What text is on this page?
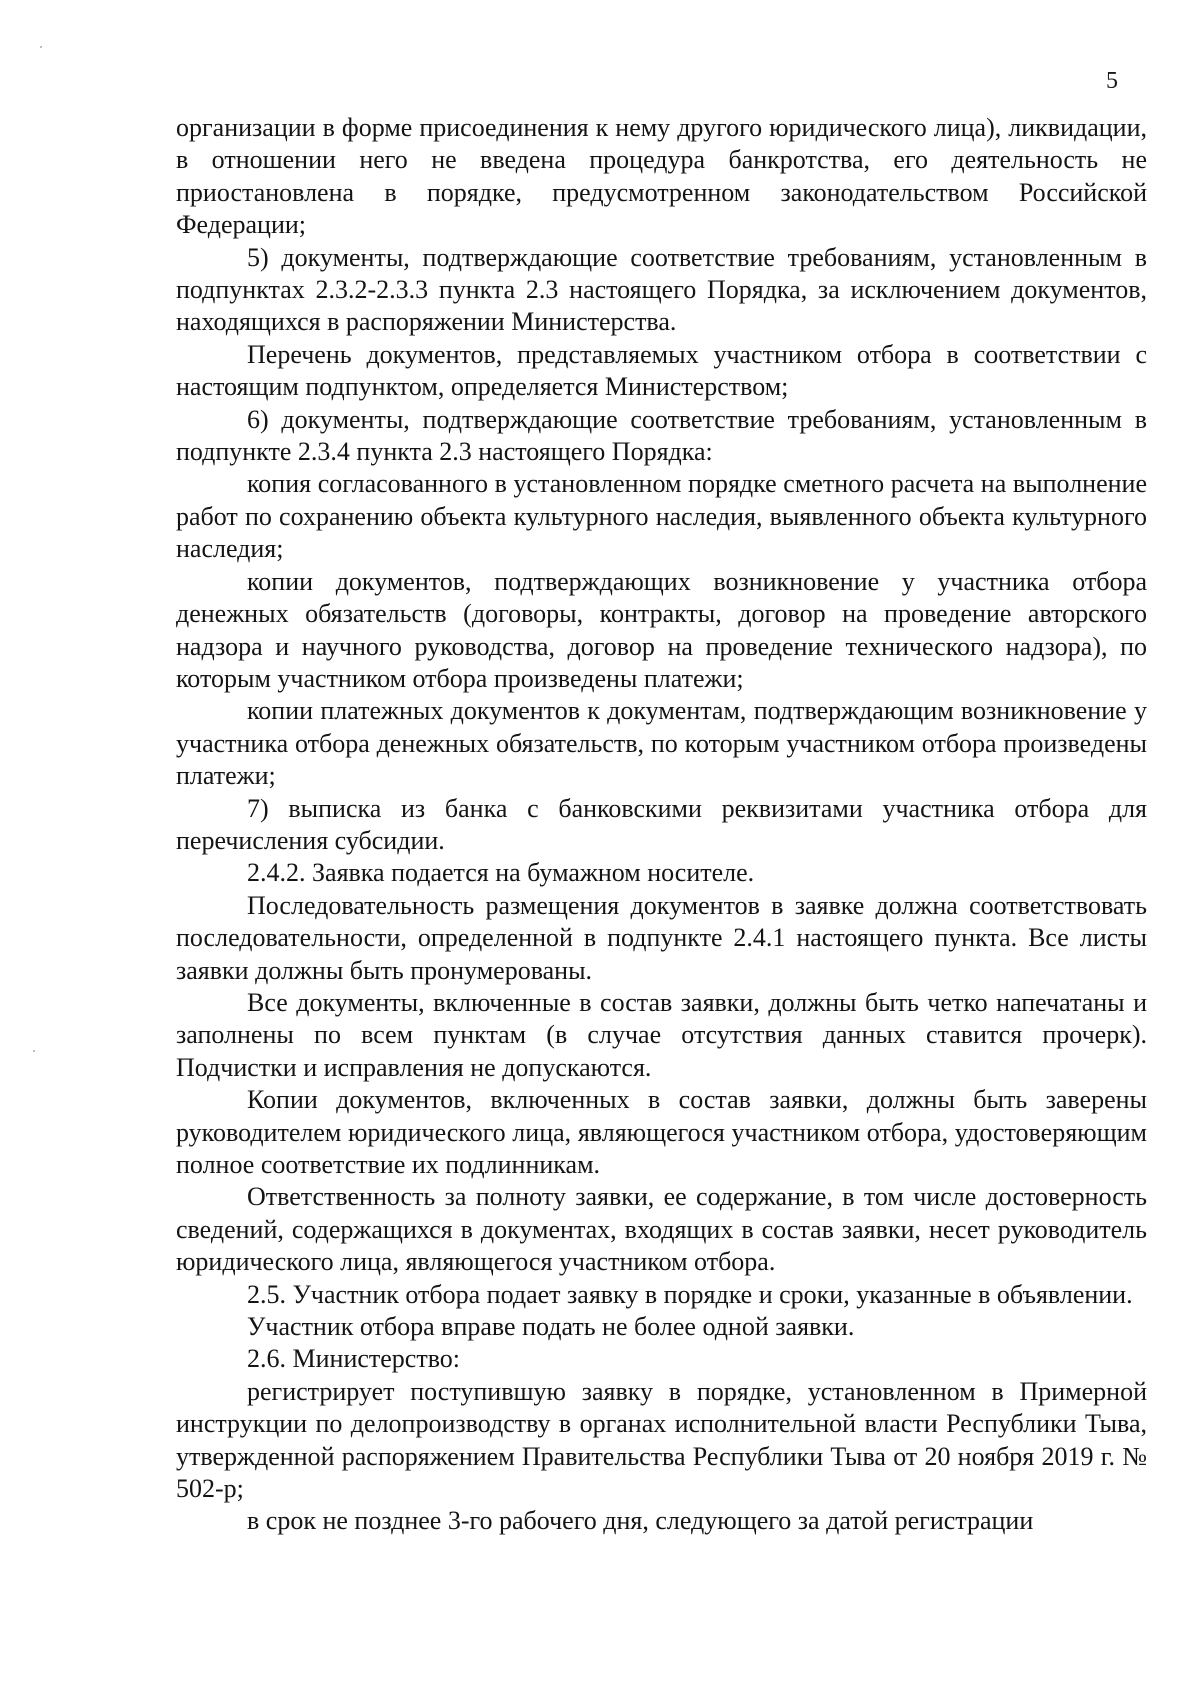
5

организации в форме присоединения к нему другого юридического лица), ликвидации, в отношении него не введена процедура банкротства, его деятельность не приостановлена в порядке, предусмотренном законодательством Российской Федерации;

5) документы, подтверждающие соответствие требованиям, установленным в подпунктах 2.3.2-2.3.3 пункта 2.3 настоящего Порядка, за исключением документов, находящихся в распоряжении Министерства.

Перечень документов, представляемых участником отбора в соответствии с настоящим подпунктом, определяется Министерством;

6) документы, подтверждающие соответствие требованиям, установленным в подпункте 2.3.4 пункта 2.3 настоящего Порядка:

копия согласованного в установленном порядке сметного расчета на выполнение работ по сохранению объекта культурного наследия, выявленного объекта культурного наследия;

копии документов, подтверждающих возникновение у участника отбора денежных обязательств (договоры, контракты, договор на проведение авторского надзора и научного руководства, договор на проведение технического надзора), по которым участником отбора произведены платежи;

копии платежных документов к документам, подтверждающим возникновение у участника отбора денежных обязательств, по которым участником отбора произведены платежи;

7) выписка из банка с банковскими реквизитами участника отбора для перечисления субсидии.

2.4.2. Заявка подается на бумажном носителе.

Последовательность размещения документов в заявке должна соответствовать последовательности, определенной в подпункте 2.4.1 настоящего пункта. Все листы заявки должны быть пронумерованы.

Все документы, включенные в состав заявки, должны быть четко напечатаны и заполнены по всем пунктам (в случае отсутствия данных ставится прочерк). Подчистки и исправления не допускаются.

Копии документов, включенных в состав заявки, должны быть заверены руководителем юридического лица, являющегося участником отбора, удостоверяющим полное соответствие их подлинникам.

Ответственность за полноту заявки, ее содержание, в том числе достоверность сведений, содержащихся в документах, входящих в состав заявки, несет руководитель юридического лица, являющегося участником отбора.

2.5. Участник отбора подает заявку в порядке и сроки, указанные в объявлении.

Участник отбора вправе подать не более одной заявки.

2.6. Министерство:

регистрирует поступившую заявку в порядке, установленном в Примерной инструкции по делопроизводству в органах исполнительной власти Республики Тыва, утвержденной распоряжением Правительства Республики Тыва от 20 ноября 2019 г. № 502-р;

в срок не позднее 3-го рабочего дня, следующего за датой регистрации
